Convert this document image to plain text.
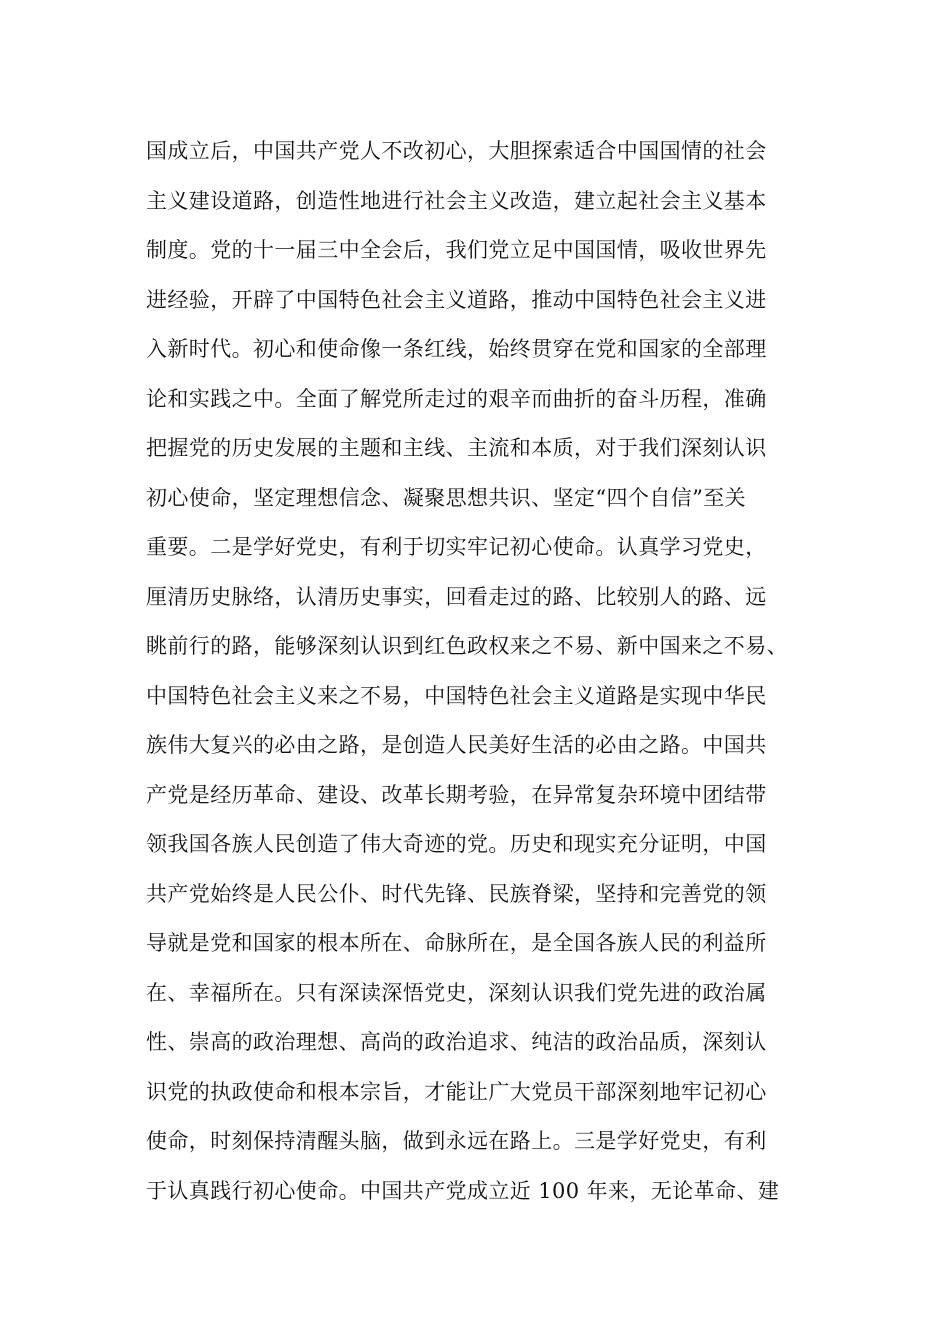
国成立后，中国共产党人不改初心，大胆探索适合中国国情的社会
主义建设道路，创造性地进行社会主义改造，建立起社会主义基本
制度。党的十一届三中全会后，我们党立足中国国情，吸收世界先
进经验，开辟了中国特色社会主义道路，推动中国特色社会主义进
入新时代。初心和使命像一条红线，始终贯穿在党和国家的全部理
论和实践之中。全面了解党所走过的艰辛而曲折的奋斗历程，准确
把握党的历史发展的主题和主线、主流和本质，对于我们深刻认识
初心使命，坚定理想信念、凝聚思想共识、坚定“四个自信”至关
重要。二是学好党史，有利于切实牢记初心使命。认真学习党史，
厘清历史脉络，认清历史事实，回看走过的路、比较别人的路、远
眺前行的路，能够深刻认识到红色政权来之不易、新中国来之不易、
中国特色社会主义来之不易，中国特色社会主义道路是实现中华民
族伟大复兴的必由之路，是创造人民美好生活的必由之路。中国共
产党是经历革命、建设、改革长期考验，在异常复杂环境中团结带
领我国各族人民创造了伟大奇迹的党。历史和现实充分证明，中国
共产党始终是人民公仆、时代先锋、民族脊梁，坚持和完善党的领
导就是党和国家的根本所在、命脉所在，是全国各族人民的利益所
在、幸福所在。只有深读深悟党史，深刻认识我们党先进的政治属
性、崇高的政治理想、高尚的政治追求、纯洁的政治品质，深刻认
识党的执政使命和根本宗旨，才能让广大党员干部深刻地牢记初心
使命，时刻保持清醒头脑，做到永远在路上。三是学好党史，有利
于认真践行初心使命。中国共产党成立近 100 年来，无论革命、建
